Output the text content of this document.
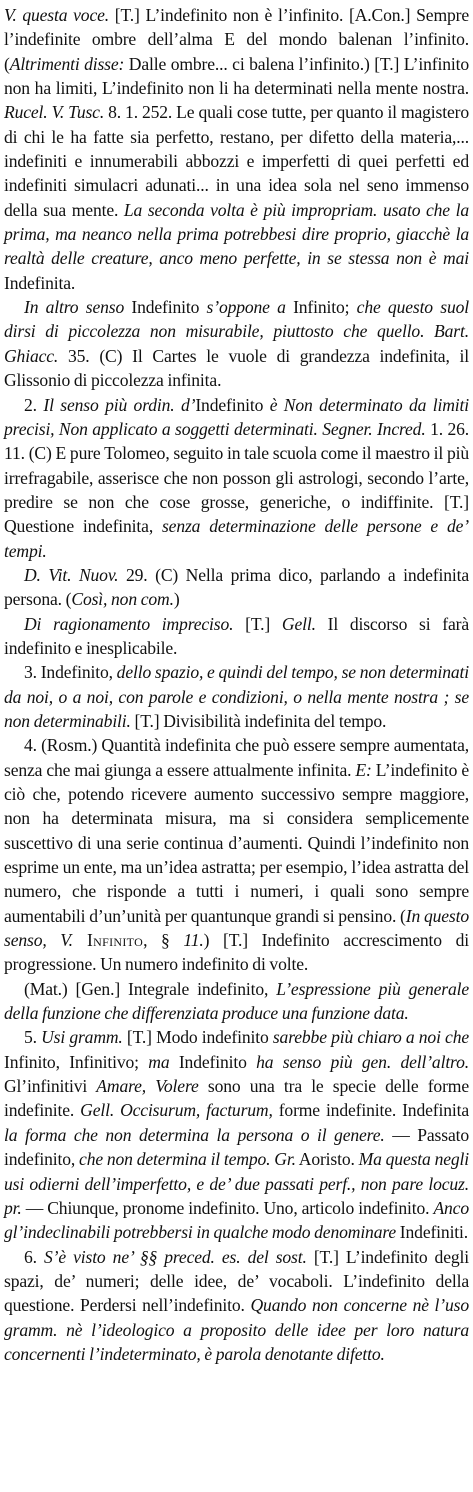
V. questa voce. [T.] L’indefinito non è l’infinito. [A.Con.] Sempre l’indefinite ombre dell’alma E del mondo balenan l’infinito. (Altrimenti disse: Dalle ombre... ci balena l’infinito.) [T.] L’infinito non ha limiti, L’indefinito non li ha determinati nella mente nostra. Rucel. V. Tusc. 8. 1. 252. Le quali cose tutte, per quanto il magistero di chi le ha fatte sia perfetto, restano, per difetto della materia,... indefiniti e innumerabili abbozzi e imperfetti di quei perfetti ed indefiniti simulacri adunati... in una idea sola nel seno immenso della sua mente. La seconda volta è più impropriam. usato che la prima, ma neanco nella prima potrebbesi dire proprio, giacchè la realtà delle creature, anco meno perfette, in se stessa non è mai Indefinita.

In altro senso Indefinito s’oppone a Infinito; che questo suol dirsi di piccolezza non misurabile, piuttosto che quello. Bart. Ghiacc. 35. (C) Il Cartes le vuole di grandezza indefinita, il Glissonio di piccolezza infinita.

2. Il senso più ordin. d’Indefinito è Non determinato da limiti precisi, Non applicato a soggetti determinati. Segner. Incred. 1. 26. 11. (C) E pure Tolomeo, seguito in tale scuola come il maestro il più irrefragabile, asserisce che non posson gli astrologi, secondo l’arte, predire se non che cose grosse, generiche, o indiffinite. [T.] Questione indefinita, senza determinazione delle persone e de’ tempi.

D. Vit. Nuov. 29. (C) Nella prima dico, parlando a indefinita persona. (Così, non com.)

Di ragionamento impreciso. [T.] Gell. Il discorso si farà indefinito e inesplicabile.

3. Indefinito, dello spazio, e quindi del tempo, se non determinati da noi, o a noi, con parole e condizioni, o nella mente nostra ; se non determinabili. [T.] Divisibilità indefinita del tempo.

4. (Rosm.) Quantità indefinita che può essere sempre aumentata, senza che mai giunga a essere attualmente infinita. E: L’indefinito è ciò che, potendo ricevere aumento successivo sempre maggiore, non ha determinata misura, ma si considera semplicemente suscettivo di una serie continua d’aumenti. Quindi l’indefinito non esprime un ente, ma un’idea astratta; per esempio, l’idea astratta del numero, che risponde a tutti i numeri, i quali sono sempre aumentabili d’un’unità per quantunque grandi si pensino. (In questo senso, V. Infinito, § 11.) [T.] Indefinito accrescimento di progressione. Un numero indefinito di volte.

(Mat.) [Gen.] Integrale indefinito, L’espressione più generale della funzione che differenziata produce una funzione data.

5. Usi gramm. [T.] Modo indefinito sarebbe più chiaro a noi che Infinito, Infinitivo; ma Indefinito ha senso più gen. dell’altro. Gl’infinitivi Amare, Volere sono una tra le specie delle forme indefinite. Gell. Occisurum, facturum, forme indefinite. Indefinita la forma che non determina la persona o il genere. — Passato indefinito, che non determina il tempo. Gr. Aoristo. Ma questa negli usi odierni dell’imperfetto, e de’ due passati perf., non pare locuz. pr. — Chiunque, pronome indefinito. Uno, articolo indefinito. Anco gl’indeclinabili potrebbersi in qualche modo denominare Indefiniti.

6. S’è visto ne’ §§ preced. es. del sost. [T.] L’indefinito degli spazi, de’ numeri; delle idee, de’ vocaboli. L’indefinito della questione. Perdersi nell’indefinito. Quando non concerne nè l’uso gramm. nè l’ideologico a proposito delle idee per loro natura concernenti l’indeterminato, è parola denotante difetto.
